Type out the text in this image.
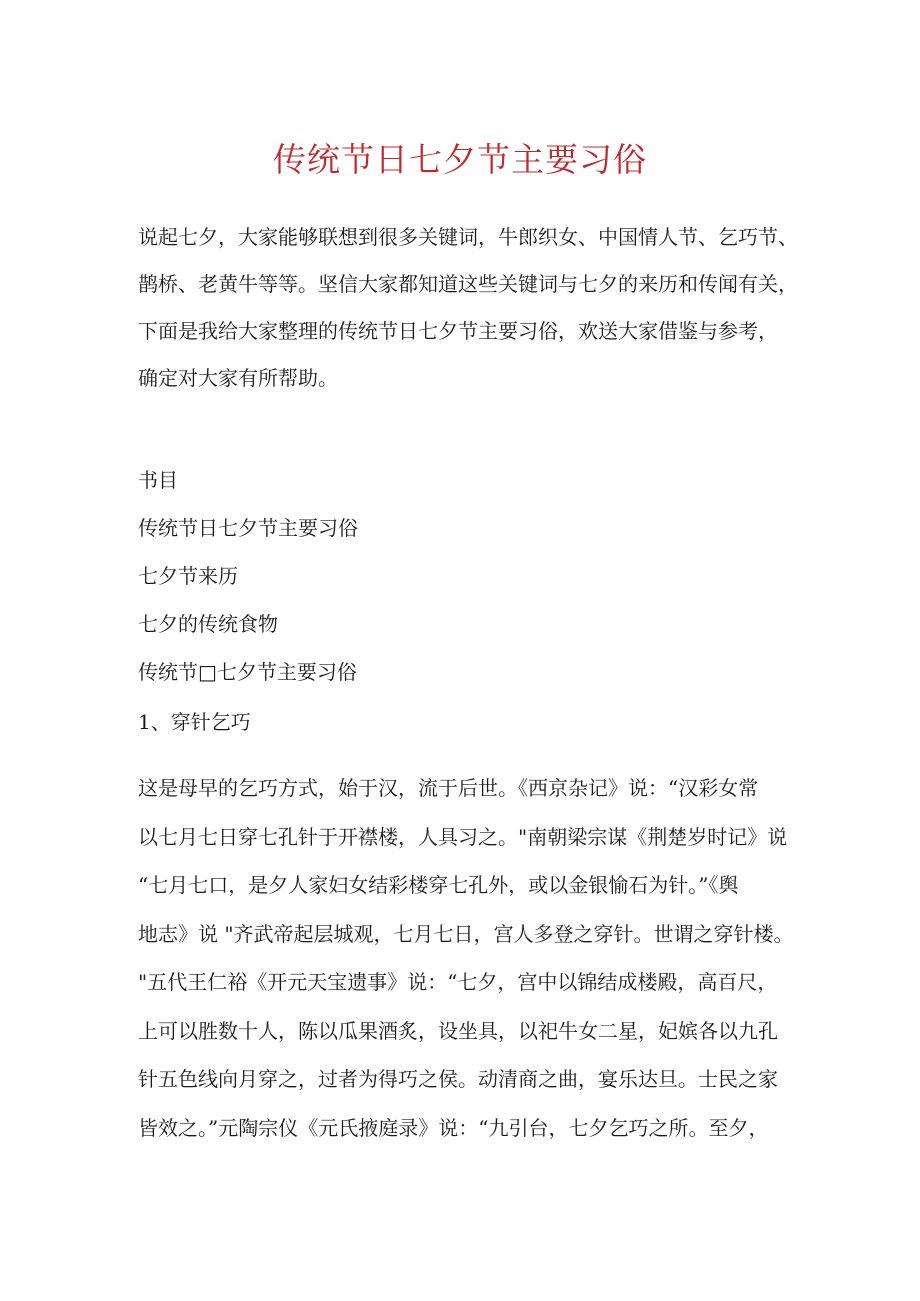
传统节日七夕节主要习俗

说起七夕，大家能够联想到很多关键词，牛郎织女、中国情人节、乞巧节、

鹊桥、老黄牛等等。坚信大家都知道这些关键词与七夕的来历和传闻有关，

下面是我给大家整理的传统节日七夕节主要习俗，欢送大家借鉴与参考，

确定对大家有所帮助。

书目
传统节日七夕节主要习俗
七夕节来历
七夕的传统食物
传统节□七夕节主要习俗
1、穿针乞巧

这是母早的乞巧方式，始于汉，流于后世。《西京杂记》说：“汉彩女常

以七月七日穿七孔针于开襟楼，人具习之。"南朝梁宗谋《荆楚岁时记》说

“七月七口，是夕人家妇女结彩楼穿七孔外，或以金银愉石为针。”《舆

地志》说 "齐武帝起层城观，七月七日，宫人多登之穿针。世谓之穿针楼。

"五代王仁裕《开元天宝遗事》说：“七夕，宫中以锦结成楼殿，高百尺，

上可以胜数十人，陈以瓜果酒炙，设坐具，以祀牛女二星，妃嫔各以九孔

针五色线向月穿之，过者为得巧之侯。动清商之曲，宴乐达旦。士民之家

皆效之。”元陶宗仪《元氏掖庭录》说：“九引台，七夕乞巧之所。至夕，
